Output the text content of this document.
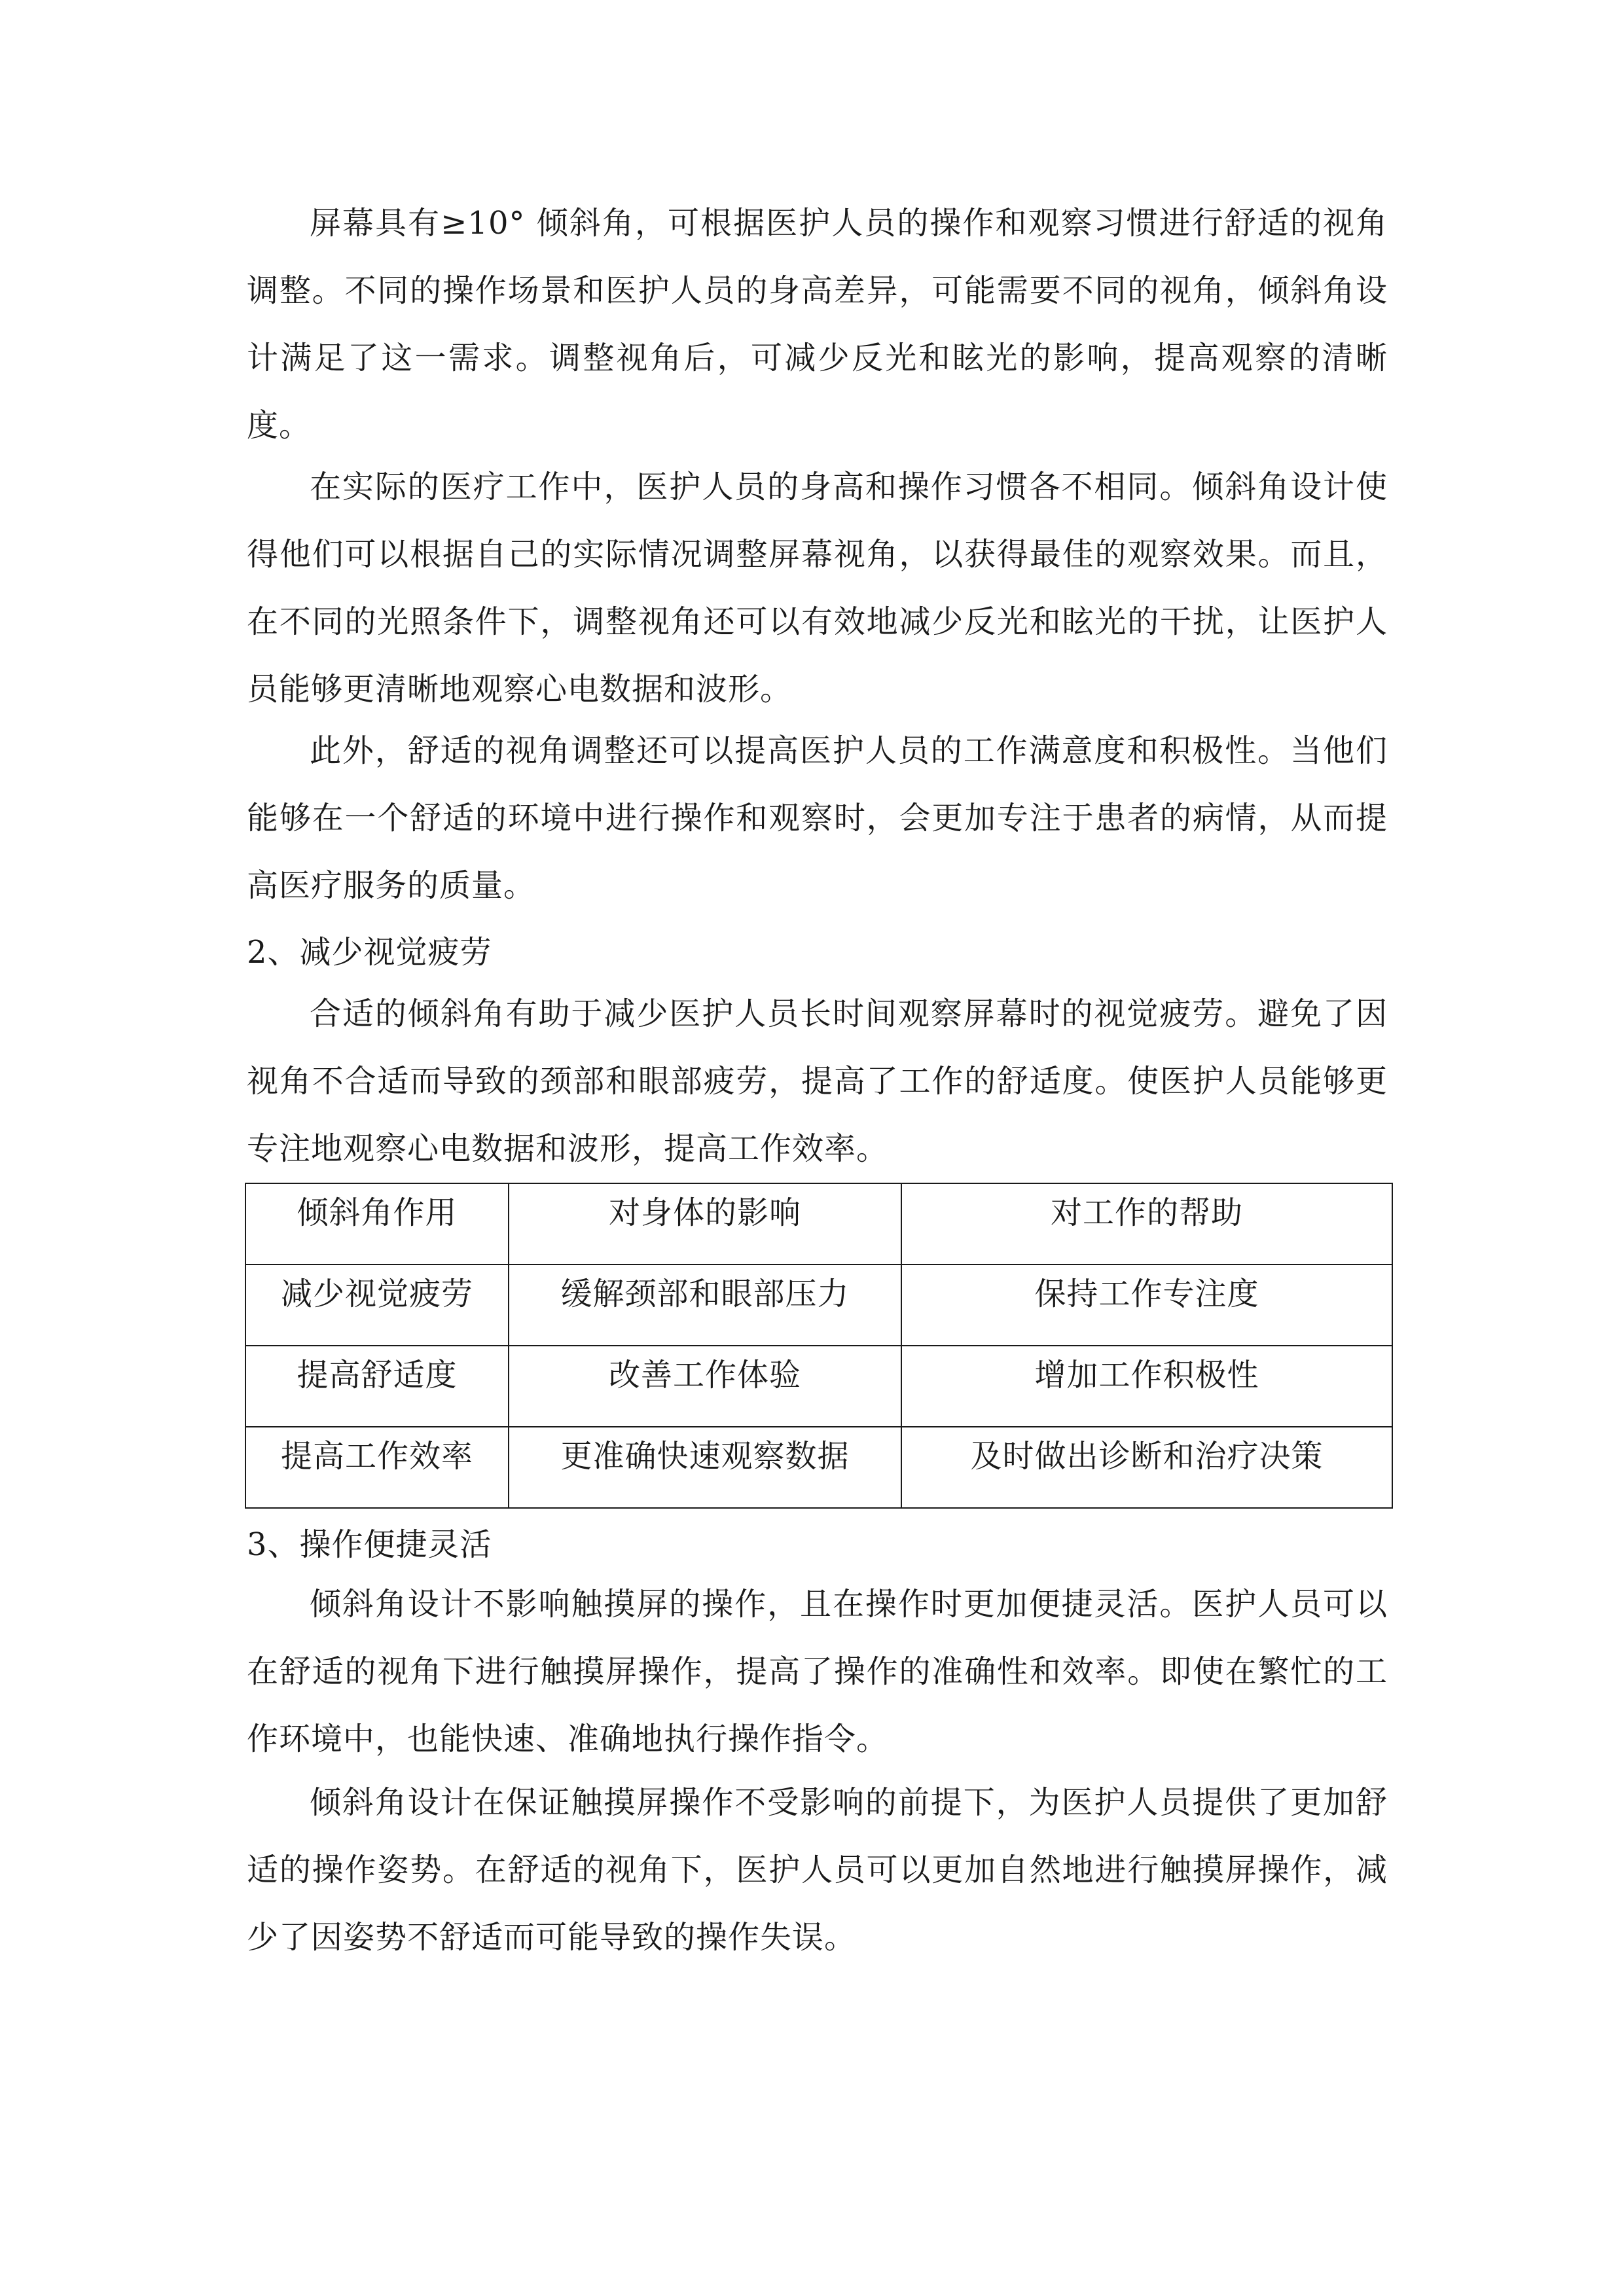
屏幕具有≥10° 倾斜角，可根据医护人员的操作和观察习惯进行舒适的视角调整。不同的操作场景和医护人员的身高差异，可能需要不同的视角，倾斜角设计满足了这一需求。调整视角后，可减少反光和眩光的影响，提高观察的清晰度。

在实际的医疗工作中，医护人员的身高和操作习惯各不相同。倾斜角设计使得他们可以根据自己的实际情况调整屏幕视角，以获得最佳的观察效果。而且，在不同的光照条件下，调整视角还可以有效地减少反光和眩光的干扰，让医护人员能够更清晰地观察心电数据和波形。

此外，舒适的视角调整还可以提高医护人员的工作满意度和积极性。当他们能够在一个舒适的环境中进行操作和观察时，会更加专注于患者的病情，从而提高医疗服务的质量。

2、减少视觉疲劳

合适的倾斜角有助于减少医护人员长时间观察屏幕时的视觉疲劳。避免了因视角不合适而导致的颈部和眼部疲劳，提高了工作的舒适度。使医护人员能够更专注地观察心电数据和波形，提高工作效率。

倾斜角作用	对身体的影响	对工作的帮助

减少视觉疲劳	缓解颈部和眼部压力	保持工作专注度

提高舒适度	改善工作体验	增加工作积极性

提高工作效率	更准确快速观察数据	及时做出诊断和治疗决策

3、操作便捷灵活

倾斜角设计不影响触摸屏的操作，且在操作时更加便捷灵活。医护人员可以在舒适的视角下进行触摸屏操作，提高了操作的准确性和效率。即使在繁忙的工作环境中，也能快速、准确地执行操作指令。

倾斜角设计在保证触摸屏操作不受影响的前提下，为医护人员提供了更加舒适的操作姿势。在舒适的视角下，医护人员可以更加自然地进行触摸屏操作，减少了因姿势不舒适而可能导致的操作失误。
